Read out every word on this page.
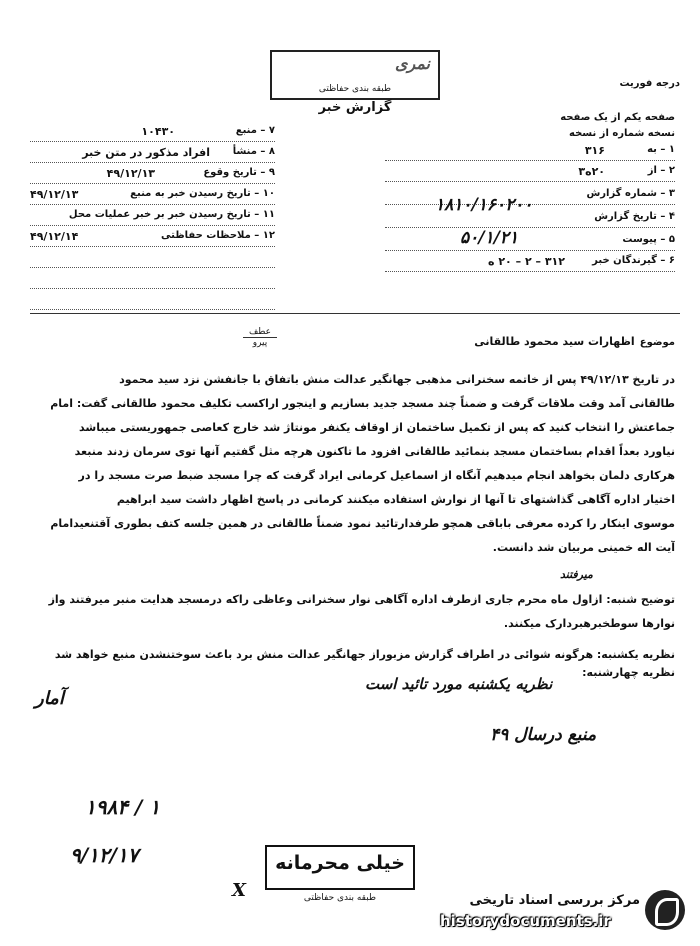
نمری
طبقه بندی حفاظتی	درجه فوریت
گزارش خبر
۷ – منبع
۱۰۴۳۰
۸ – منشأ
افراد مذکور در متن خبر
۹ – تاریخ وقوع
۴۹/۱۲/۱۳
۱۰ – تاریخ رسیدن خبر به منبع
۴۹/۱۲/۱۳
۱۱ – تاریخ رسیدن خبر بر خبر عملیات محل
۱۲ – ملاحظات حفاظتی
۴۹/۱۲/۱۴
صفحه یکم از یک صفحه
نسخه شماره از نسخه
۱ – به
۳۱۶
۲ – از
۲۰ه۳
۳ – شماره گزارش
۴ – تاریخ گزارش
۵ – پیوست
۶ – گیرندگان خبر
۳۱۲ – ۲ – ۲۰ ه
۱۸۱۰/۱۶۰۲۰۰
۵۰/۱/۲۱
موضوع اظهارات سید محمود طالقانی
عطف
پیرو
در تاریخ ۴۹/۱۲/۱۳ پس از خاتمه سخنرانی مذهبی جهانگیر عدالت منش باتفاق با جانفشن نزد سید محمود
طالقانی آمد وقت ملاقات گرفت و ضمناً چند مسجد جدید بسازیم و اینجور اراکسب تکلیف محمود طالقانی گفت: امام
جماعتش را انتخاب کنید که پس از تکمیل ساختمان از اوقاف یکنفر مونتاژ شد خارج کعاصی جمهوریستی میباشد
نیاورد بعداً اقدام بساختمان مسجد بنمائید طالقانی افزود ما تاکنون هرچه مثل گفتیم آنها توی سرمان زدند منبعد
هرکاری دلمان بخواهد انجام میدهیم آنگاه از اسماعیل کرمانی ایراد گرفت که چرا مسجد ضبط صرت مسجد را در
اختیار اداره آگاهی گذاشتهای تا آنها از نوارش استفاده میکنند کرمانی در پاسخ اظهار داشت سید ابراهیم
موسوی اینکار را کرده معرفی باباقی همچو طرفدارتائید نمود ضمناً طالقانی در همین جلسه کتف بطوری آقتنعیدامام
آیت اله خمینی مربیان شد دانست.
میرفتند
توضیح شنبه: ازاول ماه محرم جاری ازطرف اداره آگاهی نوار سخنرانی وعاظی راکه درمسجد هدایت منبر میرفتند واز
نوارها سوطخبرهبردارک میکنند.
نظریه یکشنبه: هرگونه شوائی در اطراف گزارش مزبوراز جهانگیر عدالت منش برد باعث سوختنشدن منبع خواهد شد
نظریه چهارشنبه:
نظریه یکشنبه مورد تائید است
آمار
منبع درسال ۴۹
۱۹۸۴ / ۱
۹/۱۲/۱۷
X
خیلی محرمانه
طبقه بندی حفاظتی	مرکز بررسی اسناد تاریخی
historydocuments.ir
